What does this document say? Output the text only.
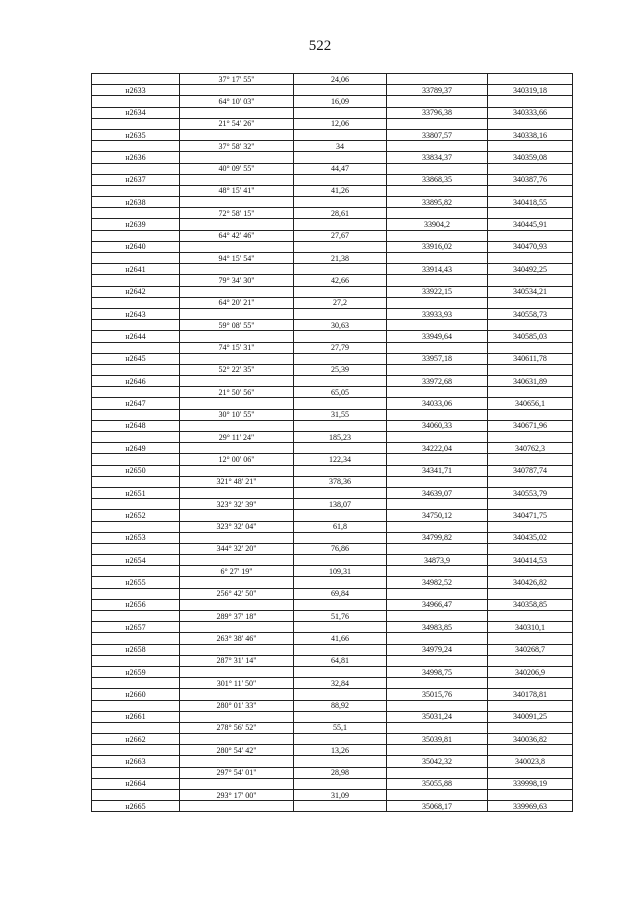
522
	37° 17' 55"	24,06		
н2633			33789,37	340319,18
	64° 10' 03"	16,09		
н2634			33796,38	340333,66
	21° 54' 26"	12,06		
н2635			33807,57	340338,16
	37° 58' 32"	34		
н2636			33834,37	340359,08
	40° 09' 55"	44,47		
н2637			33868,35	340387,76
	48° 15' 41"	41,26		
н2638			33895,82	340418,55
	72° 58' 15"	28,61		
н2639			33904,2	340445,91
	64° 42' 46"	27,67		
н2640			33916,02	340470,93
	94° 15' 54"	21,38		
н2641			33914,43	340492,25
	79° 34' 30"	42,66		
н2642			33922,15	340534,21
	64° 20' 21"	27,2		
н2643			33933,93	340558,73
	59° 08' 55"	30,63		
н2644			33949,64	340585,03
	74° 15' 31"	27,79		
н2645			33957,18	340611,78
	52° 22' 35"	25,39		
н2646			33972,68	340631,89
	21° 50' 56"	65,05		
н2647			34033,06	340656,1
	30° 10' 55"	31,55		
н2648			34060,33	340671,96
	29° 11' 24"	185,23		
н2649			34222,04	340762,3
	12° 00' 06"	122,34		
н2650			34341,71	340787,74
	321° 48' 21"	378,36		
н2651			34639,07	340553,79
	323° 32' 39"	138,07		
н2652			34750,12	340471,75
	323° 32' 04"	61,8		
н2653			34799,82	340435,02
	344° 32' 20"	76,86		
н2654			34873,9	340414,53
	6° 27' 19"	109,31		
н2655			34982,52	340426,82
	256° 42' 50"	69,84		
н2656			34966,47	340358,85
	289° 37' 18"	51,76		
н2657			34983,85	340310,1
	263° 38' 46"	41,66		
н2658			34979,24	340268,7
	287° 31' 14"	64,81		
н2659			34998,75	340206,9
	301° 11' 50"	32,84		
н2660			35015,76	340178,81
	280° 01' 33"	88,92		
н2661			35031,24	340091,25
	278° 56' 52"	55,1		
н2662			35039,81	340036,82
	280° 54' 42"	13,26		
н2663			35042,32	340023,8
	297° 54' 01"	28,98		
н2664			35055,88	339998,19
	293° 17' 00"	31,09		
н2665			35068,17	339969,63
